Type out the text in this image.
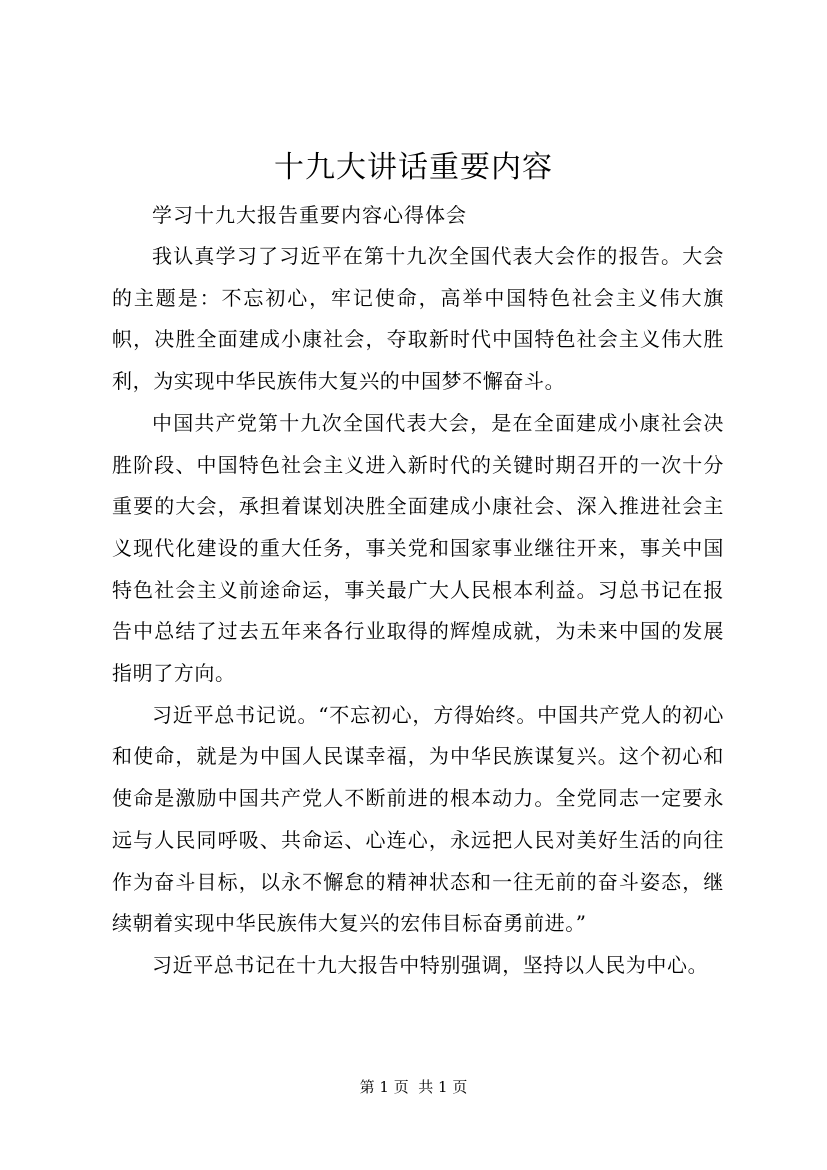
十九大讲话重要内容

学习十九大报告重要内容心得体会

我认真学习了习近平在第十九次全国代表大会作的报告。大会的主题是：不忘初心，牢记使命，高举中国特色社会主义伟大旗帜，决胜全面建成小康社会，夺取新时代中国特色社会主义伟大胜利，为实现中华民族伟大复兴的中国梦不懈奋斗。

中国共产党第十九次全国代表大会，是在全面建成小康社会决胜阶段、中国特色社会主义进入新时代的关键时期召开的一次十分重要的大会，承担着谋划决胜全面建成小康社会、深入推进社会主义现代化建设的重大任务，事关党和国家事业继往开来，事关中国特色社会主义前途命运，事关最广大人民根本利益。习总书记在报告中总结了过去五年来各行业取得的辉煌成就，为未来中国的发展指明了方向。

习近平总书记说。“不忘初心，方得始终。中国共产党人的初心和使命，就是为中国人民谋幸福，为中华民族谋复兴。这个初心和使命是激励中国共产党人不断前进的根本动力。全党同志一定要永远与人民同呼吸、共命运、心连心，永远把人民对美好生活的向往作为奋斗目标，以永不懈怠的精神状态和一往无前的奋斗姿态，继续朝着实现中华民族伟大复兴的宏伟目标奋勇前进。”

习近平总书记在十九大报告中特别强调，坚持以人民为中心。

第 1 页  共 1 页
